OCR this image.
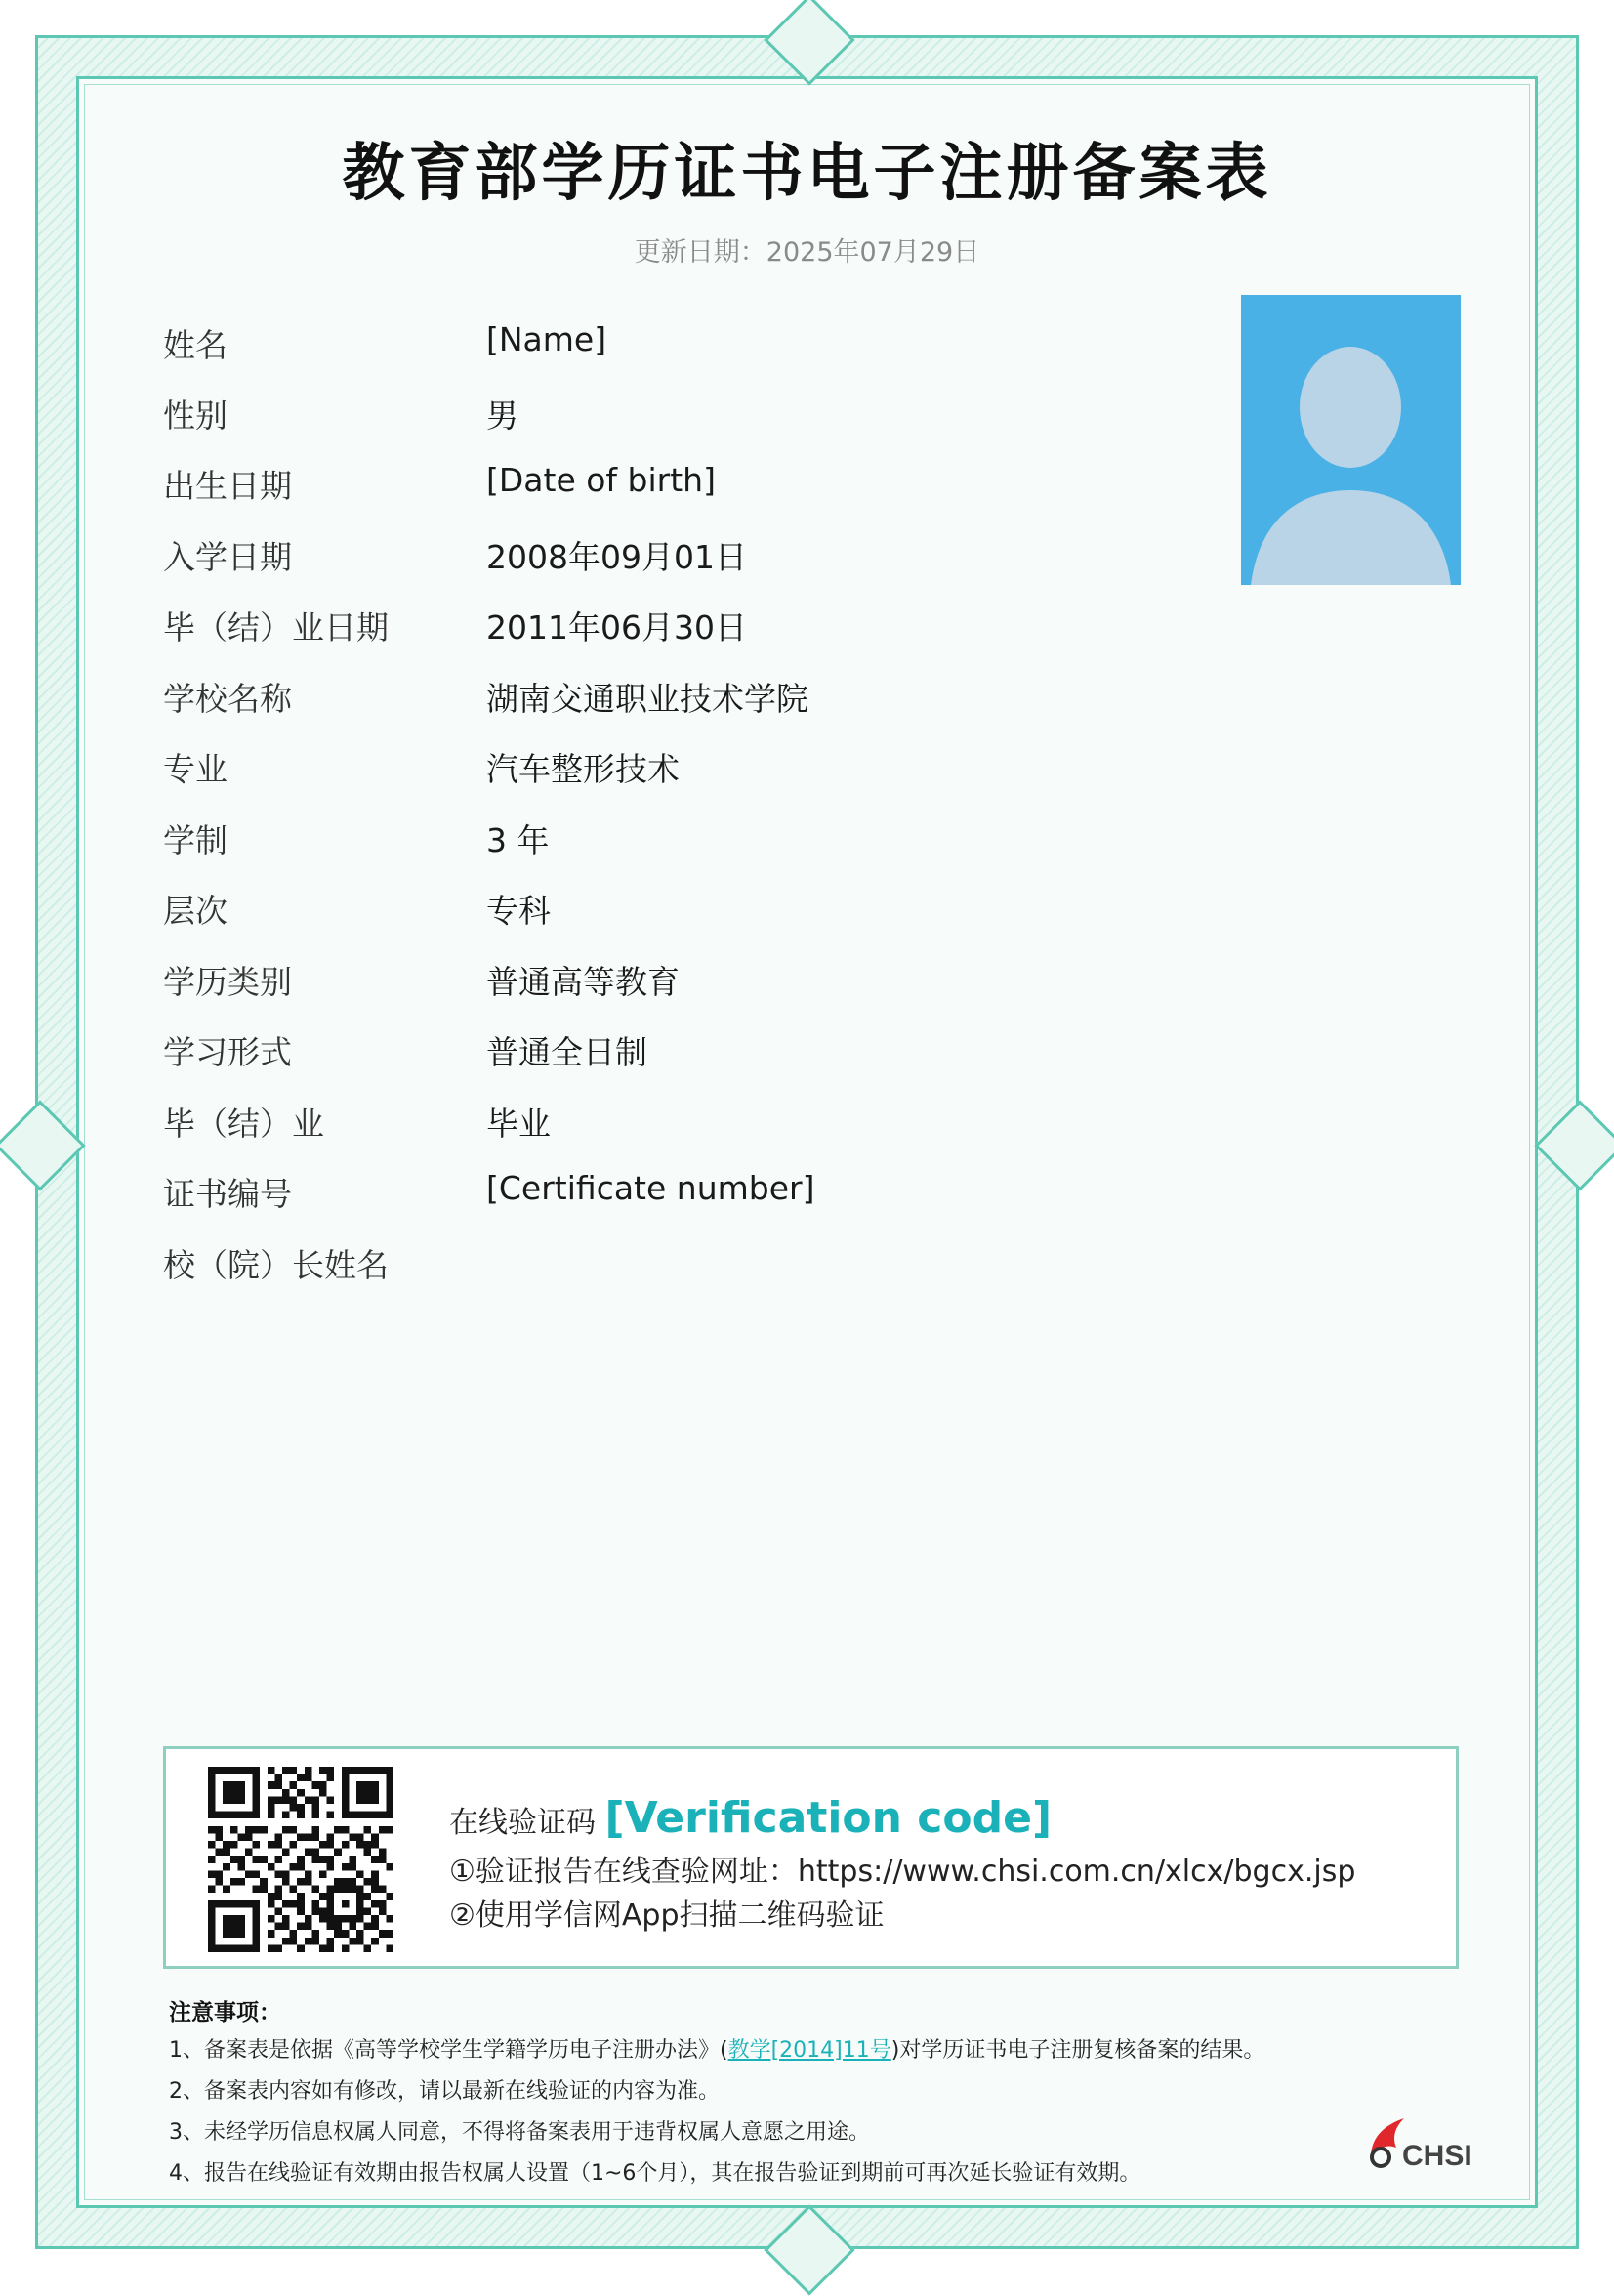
教育部学历证书电子注册备案表
更新日期：2025年07月29日
姓名	[Name]
性别	男
出生日期	[Date of birth]
入学日期	2008年09月01日
毕（结）业日期	2011年06月30日
学校名称	湖南交通职业技术学院
专业	汽车整形技术
学制	3 年
层次	专科
学历类别	普通高等教育
学习形式	普通全日制
毕（结）业	毕业
证书编号	[Certificate number]
校（院）长姓名
在线验证码 [Verification code]
①验证报告在线查验网址：https://www.chsi.com.cn/xlcx/bgcx.jsp
②使用学信网App扫描二维码验证
注意事项：
1、备案表是依据《高等学校学生学籍学历电子注册办法》(教学[2014]11号)对学历证书电子注册复核备案的结果。
2、备案表内容如有修改，请以最新在线验证的内容为准。
3、未经学历信息权属人同意，不得将备案表用于违背权属人意愿之用途。
4、报告在线验证有效期由报告权属人设置（1~6个月），其在报告验证到期前可再次延长验证有效期。
CHSI
